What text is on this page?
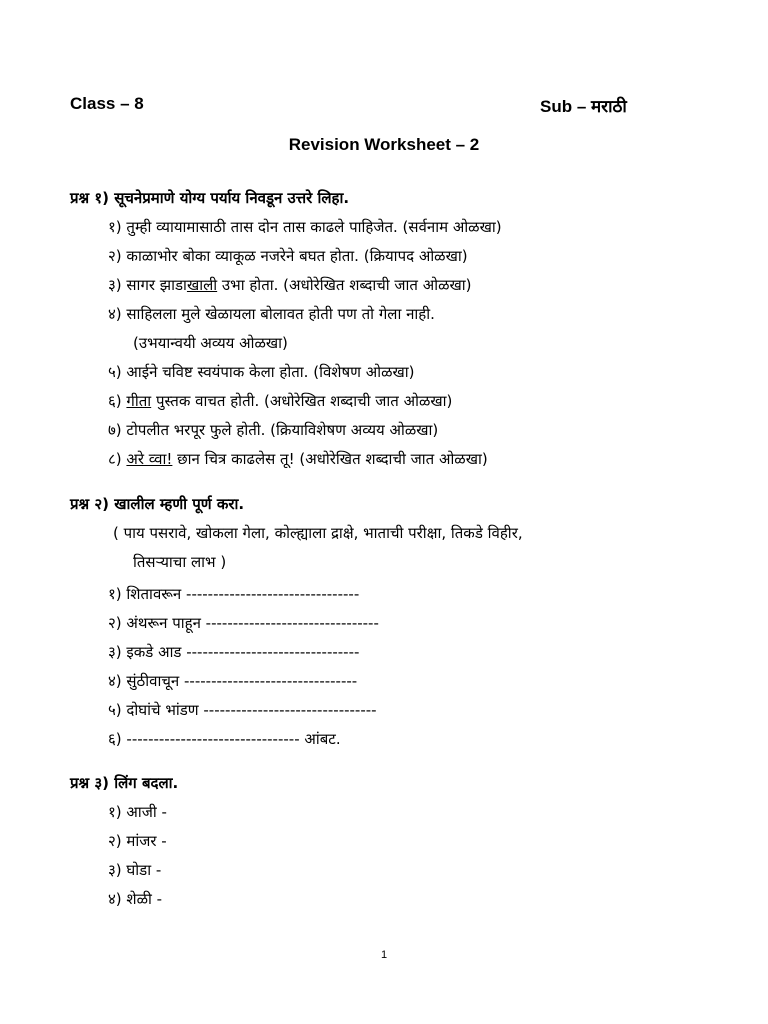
Class – 8	Sub – मराठी
Revision Worksheet – 2
प्रश्न १) सूचनेप्रमाणे योग्य पर्याय निवडून उत्तरे लिहा.
१) तुम्ही व्यायामासाठी तास दोन तास काढले पाहिजेत. (सर्वनाम ओळखा)
२) काळाभोर बोका व्याकूळ नजरेने बघत होता. (क्रियापद ओळखा)
३) सागर झाडाखाली उभा होता. (अधोरेखित शब्दाची जात ओळखा)
४) साहिलला मुले खेळायला बोलावत होती पण तो गेला नाही.
(उभयान्वयी अव्यय ओळखा)
५) आईने चविष्ट स्वयंपाक केला होता. (विशेषण ओळखा)
६) गीता पुस्तक वाचत होती. (अधोरेखित शब्दाची जात ओळखा)
७) टोपलीत भरपूर फुले होती. (क्रियाविशेषण अव्यय ओळखा)
८) अरे व्वा! छान चित्र काढलेस तू! (अधोरेखित शब्दाची जात ओळखा)
प्रश्न २) खालील म्हणी पूर्ण करा.
( पाय पसरावे, खोकला गेला, कोल्ह्याला द्राक्षे, भाताची परीक्षा, तिकडे विहीर,
तिसऱ्याचा लाभ )
१) शितावरून --------------------------------
२) अंथरून पाहून --------------------------------
३) इकडे आड --------------------------------
४) सुंठीवाचून --------------------------------
५) दोघांचे भांडण --------------------------------
६) -------------------------------- आंबट.
प्रश्न ३) लिंग बदला.
१) आजी -
२) मांजर -
३) घोडा -
४) शेळी -
1
